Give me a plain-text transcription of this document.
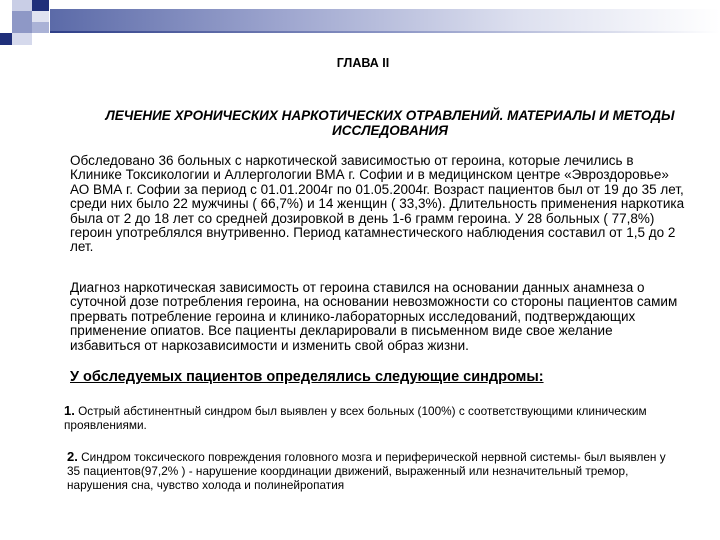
ГЛАВА II
ЛЕЧЕНИЕ ХРОНИЧЕСКИХ НАРКОТИЧЕСКИХ ОТРАВЛЕНИЙ. МАТЕРИАЛЫ И МЕТОДЫ ИССЛЕДОВАНИЯ
Обследовано 36 больных с наркотической зависимостью от героина, которые лечились в Клинике Токсикологии и Аллергологии ВМА г. Софии и в медицинском центре «Эвроздоровье» АО ВМА г. Софии за период с 01.01.2004г по 01.05.2004г. Возраст пациентов был от 19 до 35 лет, среди них было 22 мужчины ( 66,7%) и 14 женщин ( 33,3%). Длительность применения наркотика была от 2 до 18 лет со средней дозировкой в день 1-6 грамм героина. У 28 больных ( 77,8%) героин употреблялся внутривенно. Период катамнестического наблюдения составил от 1,5 до 2 лет.
Диагноз наркотическая зависимость от героина ставился на основании данных анамнеза о суточной дозе потребления героина, на основании невозможности со стороны пациентов самим прервать потребление героина и клинико-лабораторных исследований, подтверждающих применение опиатов. Все пациенты декларировали в письменном виде свое желание избавиться от наркозависимости и изменить свой образ жизни.
У обследуемых пациентов определялись следующие синдромы:
1. Острый абстинентный синдром был выявлен у всех больных (100%) с соответствующими клиническим проявлениями.
2. Синдром токсического повреждения головного мозга и периферической нервной системы- был выявлен у 35 пациентов(97,2% ) - нарушение координации движений, выраженный или незначительный тремор, нарушения сна, чувство холода и полинейропатия
